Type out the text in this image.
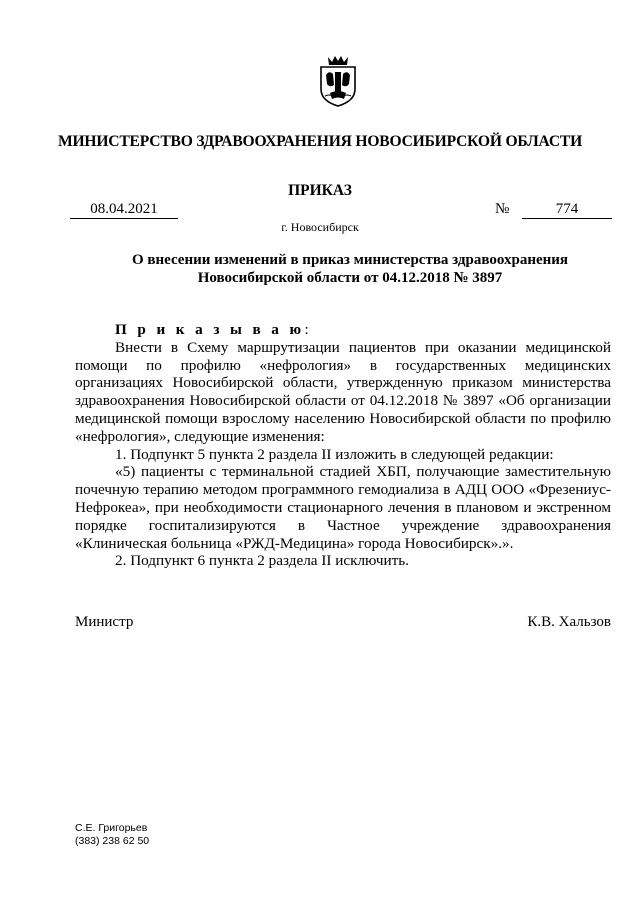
МИНИСТЕРСТВО ЗДРАВООХРАНЕНИЯ НОВОСИБИРСКОЙ ОБЛАСТИ
ПРИКАЗ
08.04.2021	№	774
г. Новосибирск
О внесении изменений в приказ министерства здравоохранения
Новосибирской области от 04.12.2018 № 3897

П р и к а з ы в а ю:

Внести в Схему маршрутизации пациентов при оказании медицинской помощи по профилю «нефрология» в государственных медицинских организациях Новосибирской области, утвержденную приказом министерства здравоохранения Новосибирской области от 04.12.2018 № 3897 «Об организации медицинской помощи взрослому населению Новосибирской области по профилю «нефрология», следующие изменения:

1. Подпункт 5 пункта 2 раздела II изложить в следующей редакции:

«5) пациенты с терминальной стадией ХБП, получающие заместительную почечную терапию методом программного гемодиализа в АДЦ ООО «Фрезениус-Нефрокеа», при необходимости стационарного лечения в плановом и экстренном порядке госпитализируются в Частное учреждение здравоохранения «Клиническая больница «РЖД-Медицина» города Новосибирск».».

2. Подпункт 6 пункта 2 раздела II исключить.

Министр	К.В. Хальзов
С.Е. Григорьев
(383) 238 62 50
